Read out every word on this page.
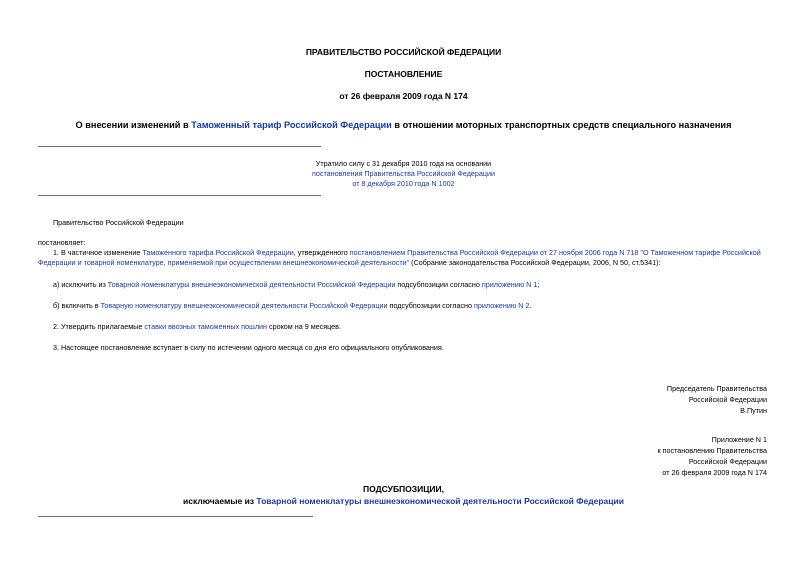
ПРАВИТЕЛЬСТВО РОССИЙСКОЙ ФЕДЕРАЦИИ
ПОСТАНОВЛЕНИЕ
от 26 февраля 2009 года N 174
О внесении изменений в Таможенный тариф Российской Федерации в отношении моторных транспортных средств специального назначения
Утратило силу с 31 декабря 2010 года на основании
постановления Правительства Российской Федерации
от 8 декабря 2010 года N 1002
Правительство Российской Федерации
постановляет:
1. В частичное изменение Таможенного тарифа Российской Федерации, утвержденного постановлением Правительства Российской Федерации от 27 ноября 2006 года N 718 "О Таможенном тарифе Российской Федерации и товарной номенклатуре, применяемой при осуществлении внешнеэкономической деятельности" (Собрание законодательства Российской Федерации, 2006, N 50, ст.5341):
а) исключить из Товарной номенклатуры внешнеэкономической деятельности Российской Федерации подсубпозиции согласно приложению N 1;
б) включить в Товарную номенклатуру внешнеэкономической деятельности Российской Федерации подсубпозиции согласно приложению N 2.
2. Утвердить прилагаемые ставки ввозных таможенных пошлин сроком на 9 месяцев.
3. Настоящее постановление вступает в силу по истечении одного месяца со дня его официального опубликования.
Председатель Правительства
Российской Федерации
В.Путин
Приложение N 1
к постановлению Правительства
Российской Федерации
от 26 февраля 2009 года N 174
ПОДСУБПОЗИЦИИ,
исключаемые из Товарной номенклатуры внешнеэкономической деятельности Российской Федерации
